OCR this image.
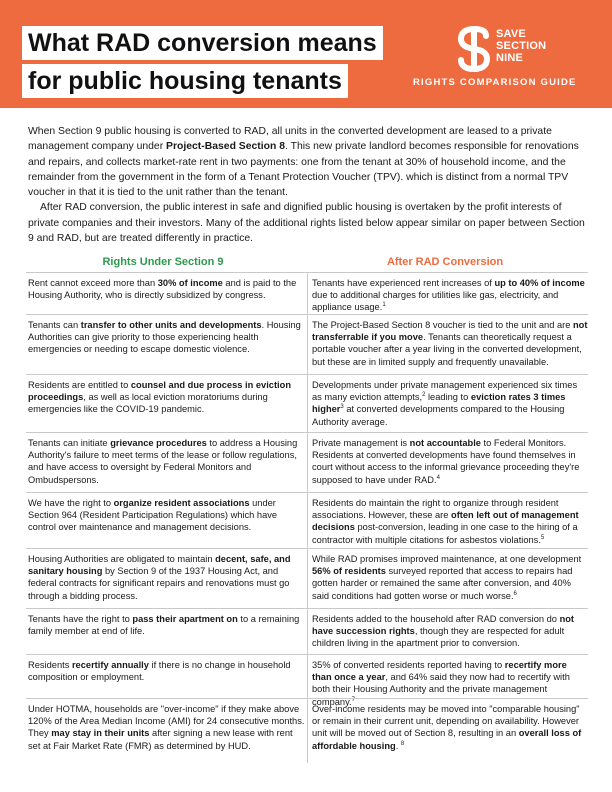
What RAD conversion means
for public housing tenants
SAVE
SECTION
NINE
RIGHTS COMPARISON GUIDE

When Section 9 public housing is converted to RAD, all units in the converted development are leased to a private management company under Project-Based Section 8. This new private landlord becomes responsible for renovations and repairs, and collects market-rate rent in two payments: one from the tenant at 30% of household income, and the remainder from the government in the form of a Tenant Protection Voucher (TPV). which is distinct from a normal TPV voucher in that it is tied to the unit rather than the tenant.

After RAD conversion, the public interest in safe and dignified public housing is overtaken by the profit interests of private companies and their investors. Many of the additional rights listed below appear similar on paper between Section 9 and RAD, but are treated differently in practice.

Rights Under Section 9	After RAD Conversion
Rent cannot exceed more than 30% of income and is paid to the Housing Authority, who is directly subsidized by congress.
Tenants have experienced rent increases of up to 40% of income due to additional charges for utilities like gas, electricity, and appliance usage.$^1$
Tenants can transfer to other units and developments. Housing Authorities can give priority to those experiencing health emergencies or needing to escape domestic violence.
The Project-Based Section 8 voucher is tied to the unit and are not transferrable if you move. Tenants can theoretically request a portable voucher after a year living in the converted development, but these are in limited supply and frequently unavailable.
Residents are entitled to counsel and due process in eviction proceedings, as well as local eviction moratoriums during emergencies like the COVID-19 pandemic.
Developments under private management experienced six times as many eviction attempts,$^2$ leading to eviction rates 3 times higher$^3$ at converted developments compared to the Housing Authority average.
Tenants can initiate grievance procedures to address a Housing Authority's failure to meet terms of the lease or follow regulations, and have access to oversight by Federal Monitors and Ombudspersons.
Private management is not accountable to Federal Monitors. Residents at converted developments have found themselves in court without access to the informal grievance proceeding they're supposed to have under RAD.$^4$
We have the right to organize resident associations under Section 964 (Resident Participation Regulations) which have control over maintenance and management decisions.
Residents do maintain the right to organize through resident associations. However, these are often left out of management decisions post-conversion, leading in one case to the hiring of a contractor with multiple citations for asbestos violations.$^5$
Housing Authorities are obligated to maintain decent, safe, and sanitary housing by Section 9 of the 1937 Housing Act, and federal contracts for significant repairs and renovations must go through a bidding process.
While RAD promises improved maintenance, at one development 56% of residents surveyed reported that access to repairs had gotten harder or remained the same after conversion, and 40% said conditions had gotten worse or much worse.$^6$
Tenants have the right to pass their apartment on to a remaining family member at end of life.
Residents added to the household after RAD conversion do not have succession rights, though they are respected for adult children living in the apartment prior to conversion.
Residents recertify annually if there is no change in household composition or employment.
35% of converted residents reported having to recertify more than once a year, and 64% said they now had to recertify with both their Housing Authority and the private management company.$^7$
Under HOTMA, households are "over-income" if they make above 120% of the Area Median Income (AMI) for 24 consecutive months. They may stay in their units after signing a new lease with rent set at Fair Market Rate (FMR) as determined by HUD.
Over-income residents may be moved into "comparable housing" or remain in their current unit, depending on availability. However unit will be moved out of Section 8, resulting in an overall loss of affordable housing. $^8$
